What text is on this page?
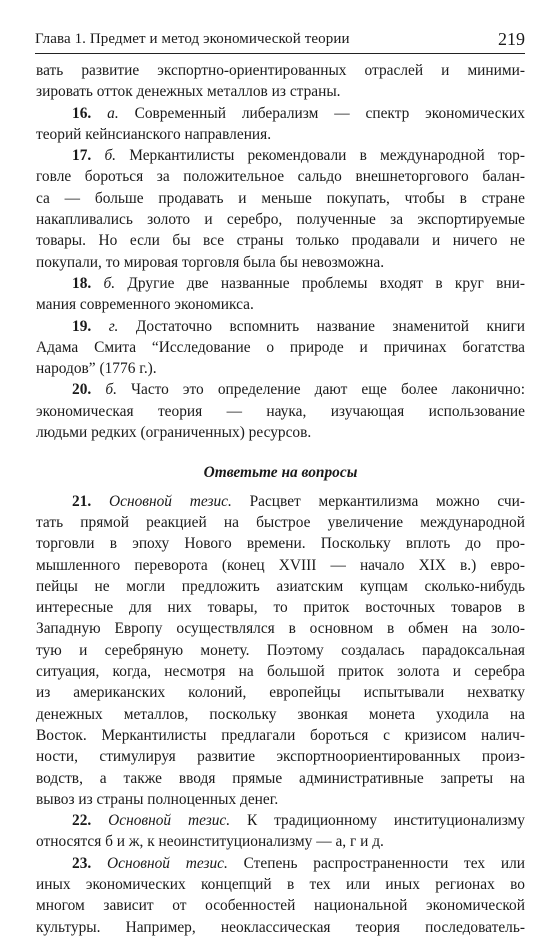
Глава 1. Предмет и метод экономической теории	219

вать развитие экспортно-ориентированных отраслей и миними-

зировать отток денежных металлов из страны.

16. а. Современный либерализм — спектр экономических

теорий кейнсианского направления.

17. б. Меркантилисты рекомендовали в международной тор-

говле бороться за положительное сальдо внешнеторгового балан-

са — больше продавать и меньше покупать, чтобы в стране

накапливались золото и серебро, полученные за экспортируемые

товары. Но если бы все страны только продавали и ничего не

покупали, то мировая торговля была бы невозможна.

18. б. Другие две названные проблемы входят в круг вни-

мания современного экономикса.

19. г. Достаточно вспомнить название знаменитой книги

Адама Смита “Исследование о природе и причинах богатства

народов” (1776 г.).

20. б. Часто это определение дают еще более лаконично:

экономическая теория — наука, изучающая использование

людьми редких (ограниченных) ресурсов.

Ответьте на вопросы

21. Основной тезис. Расцвет меркантилизма можно счи-

тать прямой реакцией на быстрое увеличение международной

торговли в эпоху Нового времени. Поскольку вплоть до про-

мышленного переворота (конец XVIII — начало XIX в.) евро-

пейцы не могли предложить азиатским купцам сколько-нибудь

интересные для них товары, то приток восточных товаров в

Западную Европу осуществлялся в основном в обмен на золо-

тую и серебряную монету. Поэтому создалась парадоксальная

ситуация, когда, несмотря на большой приток золота и серебра

из американских колоний, европейцы испытывали нехватку

денежных металлов, поскольку звонкая монета уходила на

Восток. Меркантилисты предлагали бороться с кризисом налич-

ности, стимулируя развитие экспортноориентированных произ-

водств, а также вводя прямые административные запреты на

вывоз из страны полноценных денег.

22. Основной тезис. К традиционному институционализму

относятся б и ж, к неоинституционализму — а, г и д.

23. Основной тезис. Степень распространенности тех или

иных экономических концепций в тех или иных регионах во

многом зависит от особенностей национальной экономической

культуры. Например, неоклассическая теория последователь-
